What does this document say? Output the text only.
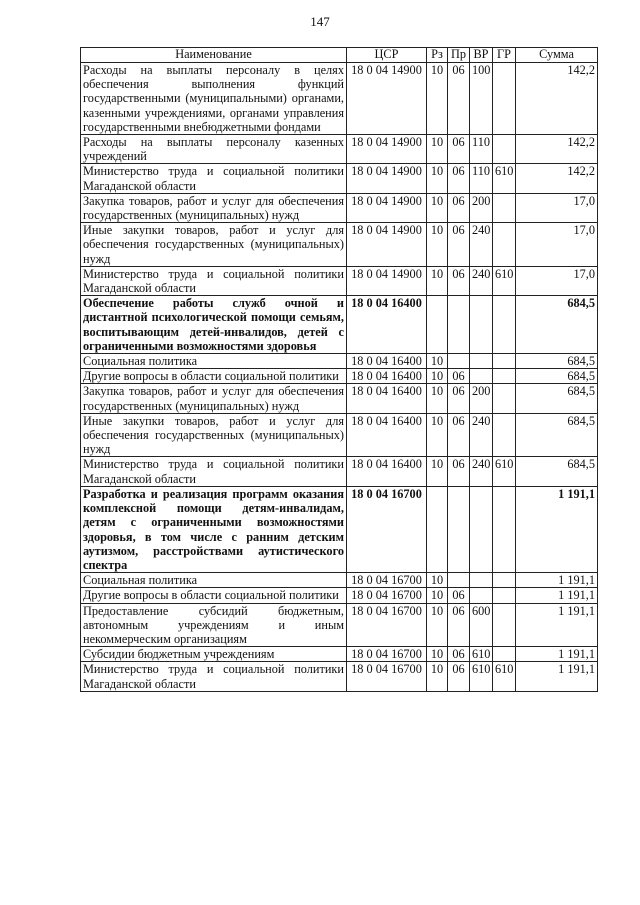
147
Наименование	ЦСР	Рз	Пр	ВР	ГР	Сумма
Расходы на выплаты персоналу в целях обеспечения выполнения функций государственными (муниципальными) органами, казенными учреждениями, органами управления государственными внебюджетными фондами	18 0 04 14900	10	06	100		142,2
Расходы на выплаты персоналу казенных учреждений	18 0 04 14900	10	06	110		142,2
Министерство труда и социальной политики Магаданской области	18 0 04 14900	10	06	110	610	142,2
Закупка товаров, работ и услуг для обеспечения государственных (муниципальных) нужд	18 0 04 14900	10	06	200		17,0
Иные закупки товаров, работ и услуг для обеспечения государственных (муниципальных) нужд	18 0 04 14900	10	06	240		17,0
Министерство труда и социальной политики Магаданской области	18 0 04 14900	10	06	240	610	17,0
Обеспечение работы служб очной и дистантной психологической помощи семьям, воспитывающим детей-инвалидов, детей с ограниченными возможностями здоровья	18 0 04 16400					684,5
Социальная политика	18 0 04 16400	10				684,5
Другие вопросы в области социальной политики	18 0 04 16400	10	06			684,5
Закупка товаров, работ и услуг для обеспечения государственных (муниципальных) нужд	18 0 04 16400	10	06	200		684,5
Иные закупки товаров, работ и услуг для обеспечения государственных (муниципальных) нужд	18 0 04 16400	10	06	240		684,5
Министерство труда и социальной политики Магаданской области	18 0 04 16400	10	06	240	610	684,5
Разработка и реализация программ оказания комплексной помощи детям-инвалидам, детям с ограниченными возможностями здоровья, в том числе с ранним детским аутизмом, расстройствами аутистического спектра	18 0 04 16700					1 191,1
Социальная политика	18 0 04 16700	10				1 191,1
Другие вопросы в области социальной политики	18 0 04 16700	10	06			1 191,1
Предоставление субсидий бюджетным, автономным учреждениям и иным некоммерческим организациям	18 0 04 16700	10	06	600		1 191,1
Субсидии бюджетным учреждениям	18 0 04 16700	10	06	610		1 191,1
Министерство труда и социальной политики Магаданской области	18 0 04 16700	10	06	610	610	1 191,1
